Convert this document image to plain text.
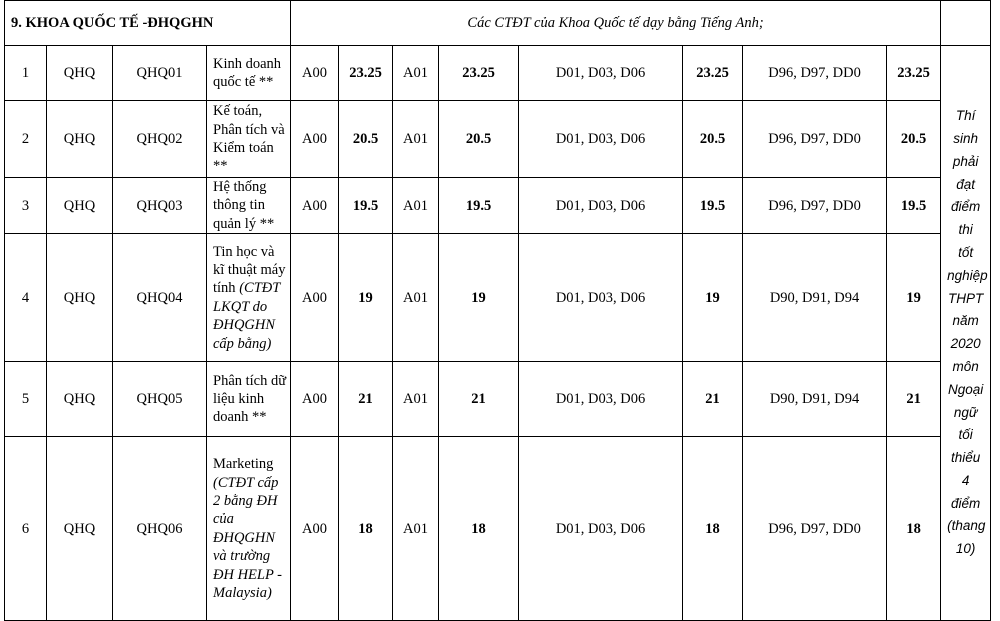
9. KHOA QUỐC TẾ -ĐHQGHN				Các CTĐT của Khoa Quốc tế dạy bằng Tiếng Anh;								
1	QHQ	QHQ01	Kinh doanh quốc tế **	A00	23.25	A01	23.25	D01, D03, D06	23.25	D96, D97, DD0	23.25	Thí sinh phải đạt điểm thi tốt nghiệp THPT năm 2020 môn Ngoại ngữ tối thiểu 4 điểm (thang 10)
2	QHQ	QHQ02	Kế toán, Phân tích và Kiểm toán **	A00	20.5	A01	20.5	D01, D03, D06	20.5	D96, D97, DD0	20.5	
3	QHQ	QHQ03	Hệ thống thông tin quản lý **	A00	19.5	A01	19.5	D01, D03, D06	19.5	D96, D97, DD0	19.5	
4	QHQ	QHQ04	Tin học và kĩ thuật máy tính (CTĐT LKQT do ĐHQGHN cấp bằng)	A00	19	A01	19	D01, D03, D06	19	D90, D91, D94	19	
5	QHQ	QHQ05	Phân tích dữ liệu kinh doanh **	A00	21	A01	21	D01, D03, D06	21	D90, D91, D94	21	
6	QHQ	QHQ06	Marketing (CTĐT cấp 2 bằng ĐH của ĐHQGHN và trường ĐH HELP - Malaysia)	A00	18	A01	18	D01, D03, D06	18	D96, D97, DD0	18	
